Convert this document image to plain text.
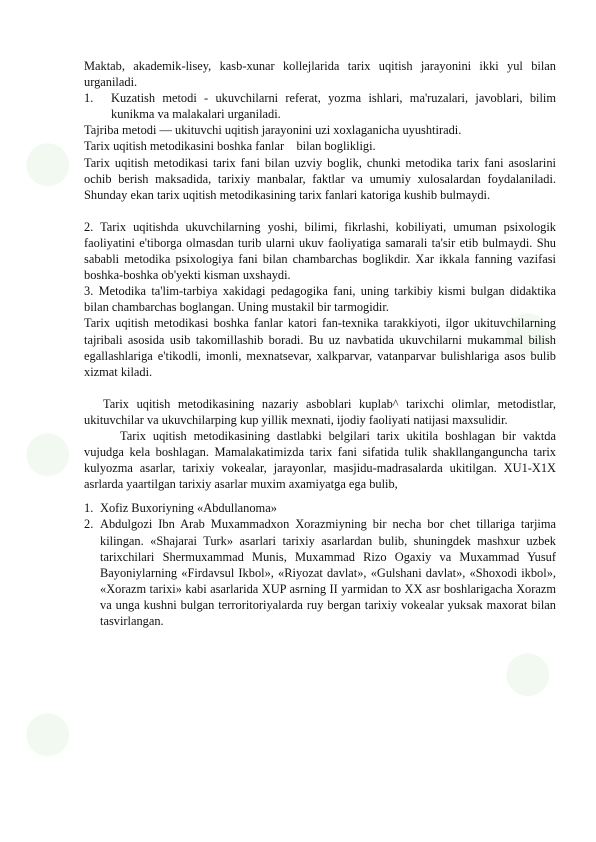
●
●
●
●
●

Maktab, akademik-lisey, kasb-xunar kollejlarida tarix uqitish jarayonini ikki yul bilan urganiladi.

1.	Kuzatish metodi - ukuvchilarni referat, yozma ishlari, ma'ruzalari, javoblari, bilim kunikma va malakalari urganiladi.

Tajriba metodi — ukituvchi uqitish jarayonini uzi xoxlaganicha uyushtiradi.

Tarix uqitish metodikasini boshka fanlar    bilan boglikligi.

Tarix uqitish metodikasi tarix fani bilan uzviy boglik, chunki metodika tarix fani asoslarini ochib berish maksadida, tarixiy manbalar, faktlar va umumiy xulosalardan foydalaniladi. Shunday ekan tarix uqitish metodikasining tarix fanlari katoriga kushib bulmaydi.

2. Tarix uqitishda ukuvchilarning yoshi, bilimi, fikrlashi, kobiliyati, umuman psixologik faoliyatini e'tiborga olmasdan turib ularni ukuv faoliyatiga samarali ta'sir etib bulmaydi. Shu sababli metodika psixologiya fani bilan chambarchas boglikdir. Xar ikkala fanning vazifasi boshka-boshka ob'yekti kisman uxshaydi.

3. Metodika ta'lim-tarbiya xakidagi pedagogika fani, uning tarkibiy kismi bulgan didaktika bilan chambarchas boglangan. Uning mustakil bir tarmogidir.

Tarix uqitish metodikasi boshka fanlar katori fan-texnika tarakkiyoti, ilgor ukituvchilarning tajribali asosida usib takomillashib boradi. Bu uz navbatida ukuvchilarni mukammal bilish egallashlariga e'tikodli, imonli, mexnatsevar, xalkparvar, vatanparvar bulishlariga asos bulib xizmat kiladi.

Tarix uqitish metodikasining nazariy asboblari kuplab^ tarixchi olimlar, metodistlar, ukituvchilar va ukuvchilarping kup yillik mexnati, ijodiy faoliyati natijasi maxsulidir.

Tarix uqitish metodikasining dastlabki belgilari tarix ukitila boshlagan bir vaktda vujudga kela boshlagan. Mamalakatimizda tarix fani sifatida tulik shakllanganguncha tarix kulyozma asarlar, tarixiy vokealar, jarayonlar, masjidu-madrasalarda ukitilgan. XU1-X1X asrlarda yaartilgan tarixiy asarlar muxim axamiyatga ega bulib,

1. Xofiz Buxoriyning «Abdullanoma»
2. Abdulgozi Ibn Arab Muxammadxon Xorazmiyning bir necha bor chet tillariga tarjima kilingan. «Shajarai Turk» asarlari tarixiy asarlardan bulib, shuningdek mashxur uzbek tarixchilari Shermuxammad Munis, Muxammad Rizo Ogaxiy va Muxammad Yusuf Bayoniylarning «Firdavsul Ikbol», «Riyozat davlat», «Gulshani davlat», «Shoxodi ikbol», «Xorazm tarixi» kabi asarlarida XUP asrning II yarmidan to XX asr boshlarigacha Xorazm va unga kushni bulgan terroritoriyalarda ruy bergan tarixiy vokealar yuksak maxorat bilan tasvirlangan.
